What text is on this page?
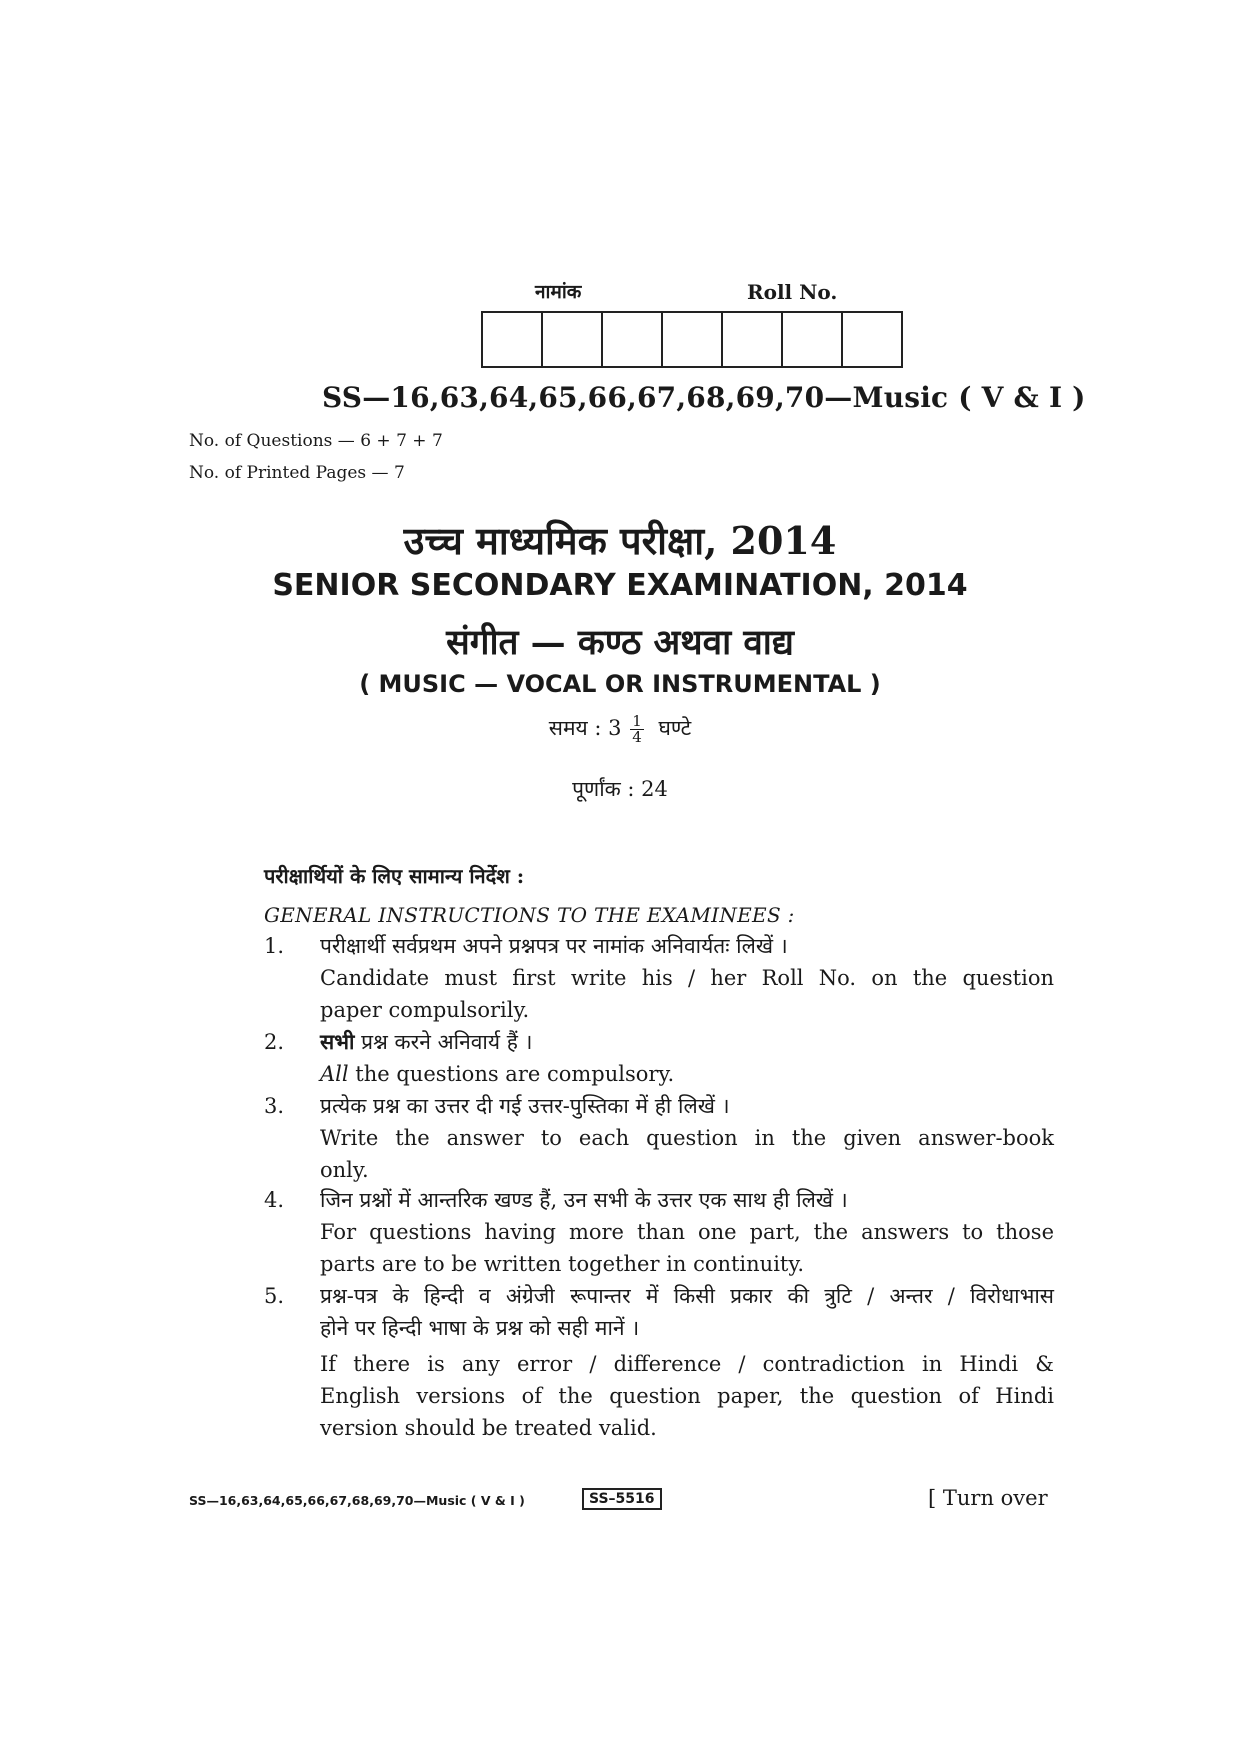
नामांक	Roll No.
SS—16,63,64,65,66,67,68,69,70—Music ( V & I )
No. of Questions — 6 + 7 + 7
No. of Printed Pages — 7
उच्च माध्यमिक परीक्षा, 2014
SENIOR SECONDARY EXAMINATION, 2014
संगीत — कण्ठ अथवा वाद्य
( MUSIC — VOCAL OR INSTRUMENTAL )
समय : $3 \frac{1}{4}$ घण्टे
पूर्णांक : 24
परीक्षार्थियों के लिए सामान्य निर्देश :
GENERAL INSTRUCTIONS TO THE EXAMINEES :
1.	परीक्षार्थी सर्वप्रथम अपने प्रश्नपत्र पर नामांक अनिवार्यतः लिखें ।

Candidate must first write his / her Roll No. on the question

paper compulsorily.

2.	सभी प्रश्न करने अनिवार्य हैं ।

All the questions are compulsory.

3.	प्रत्येक प्रश्न का उत्तर दी गई उत्तर-पुस्तिका में ही लिखें ।

Write the answer to each question in the given answer-book

only.

4.	जिन प्रश्नों में आन्तरिक खण्ड हैं, उन सभी के उत्तर एक साथ ही लिखें ।

For questions having more than one part, the answers to those

parts are to be written together in continuity.

5.	प्रश्न-पत्र के हिन्दी व अंग्रेजी रूपान्तर में किसी प्रकार की त्रुटि / अन्तर / विरोधाभास

होने पर हिन्दी भाषा के प्रश्न को सही मानें ।

If there is any error / difference / contradiction in Hindi &

English versions of the question paper, the question of Hindi

version should be treated valid.

SS—16,63,64,65,66,67,68,69,70—Music ( V & I )	SS–5516	[ Turn over
